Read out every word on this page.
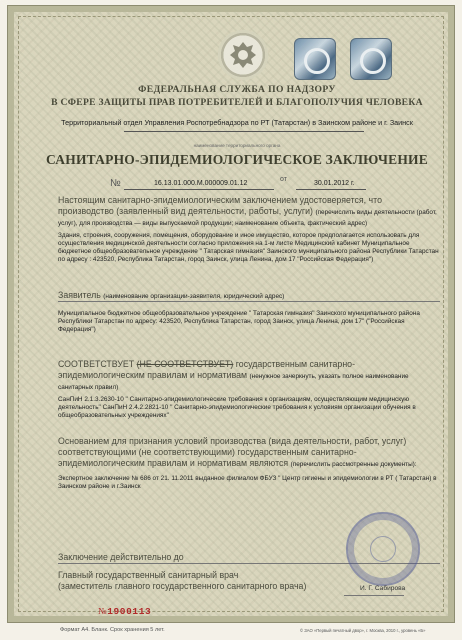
ФЕДЕРАЛЬНАЯ СЛУЖБА ПО НАДЗОРУ
В СФЕРЕ ЗАЩИТЫ ПРАВ ПОТРЕБИТЕЛЕЙ И БЛАГОПОЛУЧИЯ ЧЕЛОВЕКА
Территориальный отдел Управления Роспотребнадзора по РТ (Татарстан) в Заинском районе и г. Заинск
наименование территориального органа
САНИТАРНО-ЭПИДЕМИОЛОГИЧЕСКОЕ ЗАКЛЮЧЕНИЕ
№	16.13.01.000.М.000009.01.12
от
30.01.2012 г.
Настоящим санитарно-эпидемиологическим заключением удостоверяется, что производство (заявленный вид деятельности, работы, услуги) (перечислить виды деятельности (работ, услуг), для производства — виды выпускаемой продукции; наименование объекта, фактический адрес)
Здания, строения, сооружения, помещения, оборудование и иное имущество, которое предполагается использовать для осуществления медицинской деятельности согласно приложения на 1-м листе Медицинский кабинет Муниципальное бюджетное общеобразовательное учреждение " Татарская гимназия" Заинского муниципального района Республики Татарстан по адресу : 423520, Республика Татарстан, город Заинск, улица Ленина, дом 17 "Российская Федерация")
Заявитель (наименование организации-заявителя, юридический адрес)
Муниципальное бюджетное общеобразовательное учреждение " Татарская гимназия" Заинского муниципального района Республики Татарстан по адресу: 423520, Республика Татарстан, город Заинск, улица Ленина, дом 17" ("Российская Федерация")
СООТВЕТСТВУЕТ (НЕ СООТВЕТСТВУЕТ) государственным санитарно-эпидемиологическим правилам и нормативам (ненужное зачеркнуть, указать полное наименование санитарных правил)
СанПиН 2.1.3.2630-10 " Санитарно-эпидемиологические требования к организациям, осуществляющим медицинскую деятельность" СанПиН 2.4.2.2821-10 " Санитарно-эпидемиологические требования к условиям организации обучения в общеобразовательных учреждениях"
Основанием для признания условий производства (вида деятельности, работ, услуг) соответствующими (не соответствующими) государственным санитарно-эпидемиологическим правилам и нормативам являются (перечислить рассмотренные документы):
Экспертное заключение № 686 от 21. 11.2011 выданное филиалом ФБУЗ " Центр гигиены и эпидемиологии в РТ ( Татарстан) в Заинском районе и г.Заинск
Заключение действительно до
Главный государственный санитарный врач
(заместитель главного государственного санитарного врача)	И. Г. Сабирова
№1900113
Формат А4. Бланк. Срок хранения 5 лет.	© ЗАО «Первый печатный двор», г. Москва, 2010 г., уровень «Б»
